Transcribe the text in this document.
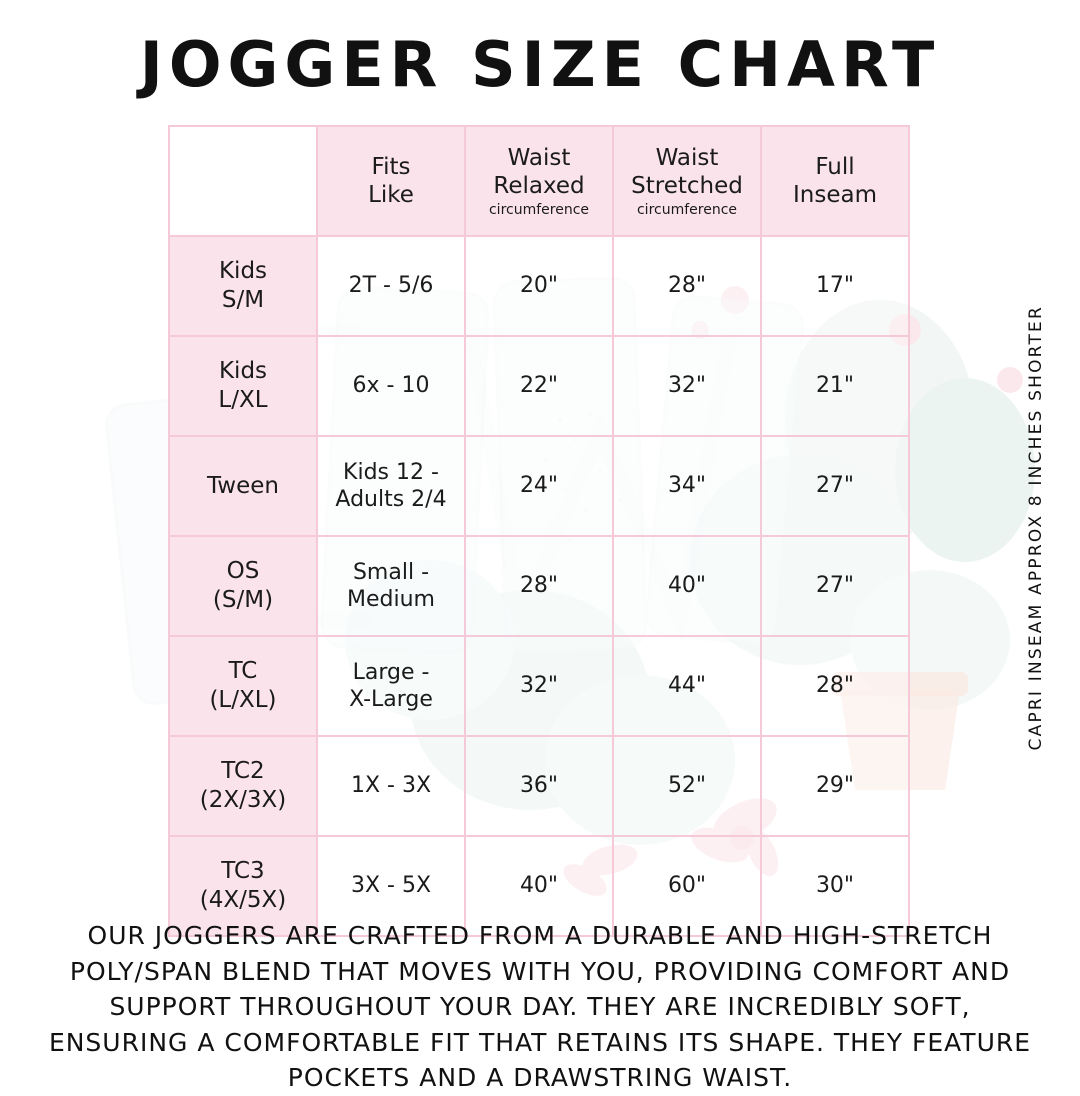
JOGGER SIZE CHART
	Fits
Like	Waist
Relaxed
circumference	Waist
Stretched
circumference	Full
Inseam
Kids
S/M	2T - 5/6	20"	28"	17"
Kids
L/XL	6x - 10	22"	32"	21"
Tween	Kids 12 -
Adults 2/4	24"	34"	27"
OS
(S/M)	Small -
Medium	28"	40"	27"
TC
(L/XL)	Large -
X-Large	32"	44"	28"
TC2
(2X/3X)	1X - 3X	36"	52"	29"
TC3
(4X/5X)	3X - 5X	40"	60"	30"
CAPRI INSEAM APPROX 8 INCHES SHORTER
OUR JOGGERS ARE CRAFTED FROM A DURABLE AND HIGH-STRETCH
POLY/SPAN BLEND THAT MOVES WITH YOU, PROVIDING COMFORT AND
SUPPORT THROUGHOUT YOUR DAY. THEY ARE INCREDIBLY SOFT,
ENSURING A COMFORTABLE FIT THAT RETAINS ITS SHAPE. THEY FEATURE
POCKETS AND A DRAWSTRING WAIST.
